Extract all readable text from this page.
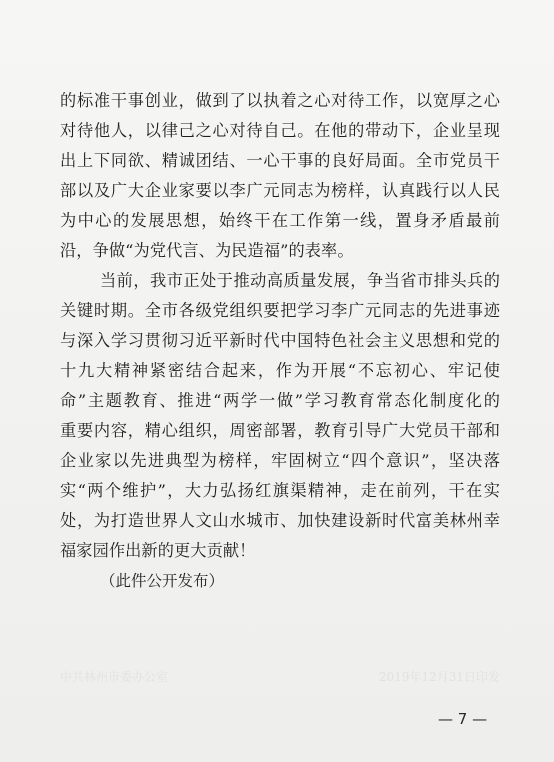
的标准干事创业，做到了以执着之心对待工作，以宽厚之心
对待他人，以律己之心对待自己。在他的带动下，企业呈现
出上下同欲、精诚团结、一心干事的良好局面。全市党员干
部以及广大企业家要以李广元同志为榜样，认真践行以人民
为中心的发展思想，始终干在工作第一线，置身矛盾最前
沿，争做“为党代言、为民造福”的表率。
当前，我市正处于推动高质量发展，争当省市排头兵的
关键时期。全市各级党组织要把学习李广元同志的先进事迹
与深入学习贯彻习近平新时代中国特色社会主义思想和党的
十九大精神紧密结合起来，作为开展“不忘初心、牢记使
命”主题教育、推进“两学一做”学习教育常态化制度化的
重要内容，精心组织，周密部署，教育引导广大党员干部和
企业家以先进典型为榜样，牢固树立“四个意识”，坚决落
实“两个维护”，大力弘扬红旗渠精神，走在前列，干在实
处，为打造世界人文山水城市、加快建设新时代富美林州幸
福家园作出新的更大贡献！
（此件公开发布）
中共林州市委办公室	2019年12月31日印发
— 7 —
